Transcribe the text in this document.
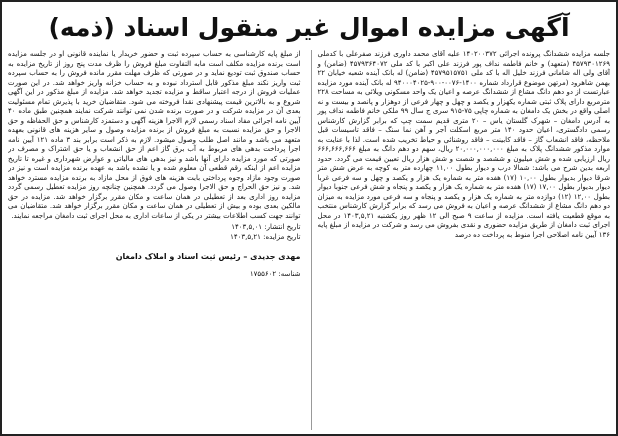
آگهی مزایده اموال غیر منقول اسناد (ذمه)

جلسه مزایده ششدانگ پرونده اجرائی ۱۴۰۲۰۰۳۷۲ علیه آقای محمد داوری فرزند صفرعلی با کدملی ۴۵۷۹۳۰۱۲۶۹ (متعهد) و خانم فاطمه نداف پور فرزند علی اکبر با کد ملی ۴۵۷۹۳۶۴۰۷۲ (ضامن) و آقای ولی اله شامانی فرزند خلیل اله با کد ملی ۴۵۷۹۵۱۵۷۵۱ (ضامن) له بانک آینده شعبه خیابان ۲۲ بهمن شاهرود (مرتهن موضوع قرارداد شماره ۱۴۰۰-۰۰۷۶-۹۰۰-۹۴۰۰۰۴۰۲۵ له بانک آینده مورد مزایده عبارتست از دو دهم دانگ مشاع از ششدانگ عرصه و اعیان یک واحد مسکونی ویلائی به مساحت ۲۲۸ مترمربع دارای پلاک ثبتی شماره یکهزار و یکصد و چهل و چهار فرعی از دوهزار و پانصد و بیست و نه اصلی واقع در بخش یک دامغان به شماره چاپی ۷۵-۹۱۵ سری ج سال ۹۹ ملکی خانم فاطمه نداف پور به آدرس دامغان – شهرک گلستان یاس – ۲۰ متری قدیم سمت چپ که برابر گزارش کارشناس رسمی دادگستری، اعیان حدود ۱۴۰ متر مربع اسکلت آجر و آهن نما سنگ – فاقد تاسیسات قبل ملاحظه، فاقد انشعاب گاز – فاقد کابینت – فاقد روشنائی و حیاط تخریب شده است. لذا با عنایت به موارد مذکور ششدانگ پلاک به مبلغ ۲۰,۰۰۰,۰۰۰,۰۰۰ ریال، سهم دو دهم دانگ به مبلغ ۶۶۶,۶۶۶,۶۶۶ ریال ارزیابی شده و شش میلیون و ششصد و شصت و شش هزار ریال تعیین قیمت می گردد. حدود اربعه بدین شرح می باشد: شمالا درب و دیوار بطول ۱۱,۰۰ چهارده متر به کوچه به عرض شش متر شرقا دیوار بدیوار بطول ۱۰,۰۰ (۱۷) هفده متر به شماره یک هزار و یکصد و چهل و سه فرعی غربا دیوار بدیوار بطول ۱۷,۰۰ (۱۷) هفده متر به شماره یک هزار و یکصد و پنجاه و شش فرعی جنوبا دیوار بطول ۱۲,۰۰ (۱۲) دوازده متر به شماره یک هزار و یکصد و پنجاه و سه فرعی مورد مزایده به میزان دو دهم دانگ مشاع از ششدانگ عرصه و اعیان به فروش می رسد که برابر گزارش کارشناس منتخب به موقع قطعیت یافته است. مزایده از ساعت ۹ صبح الی ۱۲ ظهر روز یکشنبه ۱۴۰۳,۵,۲۱ در محل اجرای ثبت دامغان از طریق مزایده حضوری و نقدی بفروش می رسد و شرکت در مزایده از مبلغ پایه ۱۳۶ آیین نامه اصلاحی اجرا منوط به پرداخت ده درصد

از مبلغ پایه کارشناسی به حساب سپرده ثبت و حضور خریدار یا نماینده قانونی او در جلسه مزایده است برنده مزایده مکلف است مابه التفاوت مبلغ فروش را ظرف مدت پنج روز از تاریخ مزایده به حساب صندوق ثبت تودیع نماید و در صورتی که ظرف مهلت مقرر مانده فروش را به حساب سپرده ثبت واریز نکند مبلغ مذکور قابل استرداد نبوده و به حساب خزانه واریز خواهد شد. در این صورت عملیات فروش از درجه اعتبار ساقط و مزایده تجدید خواهد شد. مزایده از مبلغ مذکور در این آگهی شروع و به بالاترین قیمت پیشنهادی نقدا فروخته می شود. متقاضیان خرید با پذیرش تمام مسئولیت بعدی آن در مزایده شرکت و در صورت برنده شدن نمی توانند شرکت نمایند همچنین طبق ماده ۴۰ آیین نامه اجرائی مفاد اسناد رسمی لازم الاجرا هزینه آگهی و دستمزد کارشناس و حق الحفاظه و حق الاجرا و حق مزایده نسبت به مبلغ فروش از برنده مزایده وصول و سایر هزینه های قانونی بعهده متعهد می باشد و مانند اصل طلب وصول میشود. لازم به ذکر است برابر بند ۳ ماده ۱۲۱ آیین نامه اجرا پرداخت بدهی های مربوط به آب برق گاز اعم از حق انشعاب و یا حق اشتراک و مصرف در صورتی که مورد مزایده دارای آنها باشد و نیز بدهی های مالیاتی و عوارض شهرداری و غیره تا تاریخ مزایده اعم از اینکه رقم قطعی آن معلوم شده و یا نشده باشد به عهده برنده مزایده است و نیز در صورت وجود مازاد وجوه پرداختی بابت هزینه های فوق از محل مازاد به برنده مزایده مسترد خواهد شد. و نیز حق الحراج و حق الاجرا وصول می گردد. همچنین چنانچه روز مزایده تعطیل رسمی گردد مزایده روز اداری بعد از تعطیلی در همان ساعت و مکان مقرر برگزار خواهد شد. مزایده در حق مالکین بعدی بوده و بیش از تعطیلی در همان ساعت و مکان مقرر برگزار خواهد شد. متقاضیان می توانند جهت کسب اطلاعات بیشتر در یکی از ساعات اداری به محل اجرای ثبت دامغان مراجعه نمایند.

تاریخ انتشار: ۱۴۰۳,۵,۰۱
تاریخ مزایده: ۱۴۰۳,۵,۲۱
مهدی جدیدی – رئیس ثبت اسناد و املاک دامغان
شناسه: ۱۷۵۵۶۰۲
